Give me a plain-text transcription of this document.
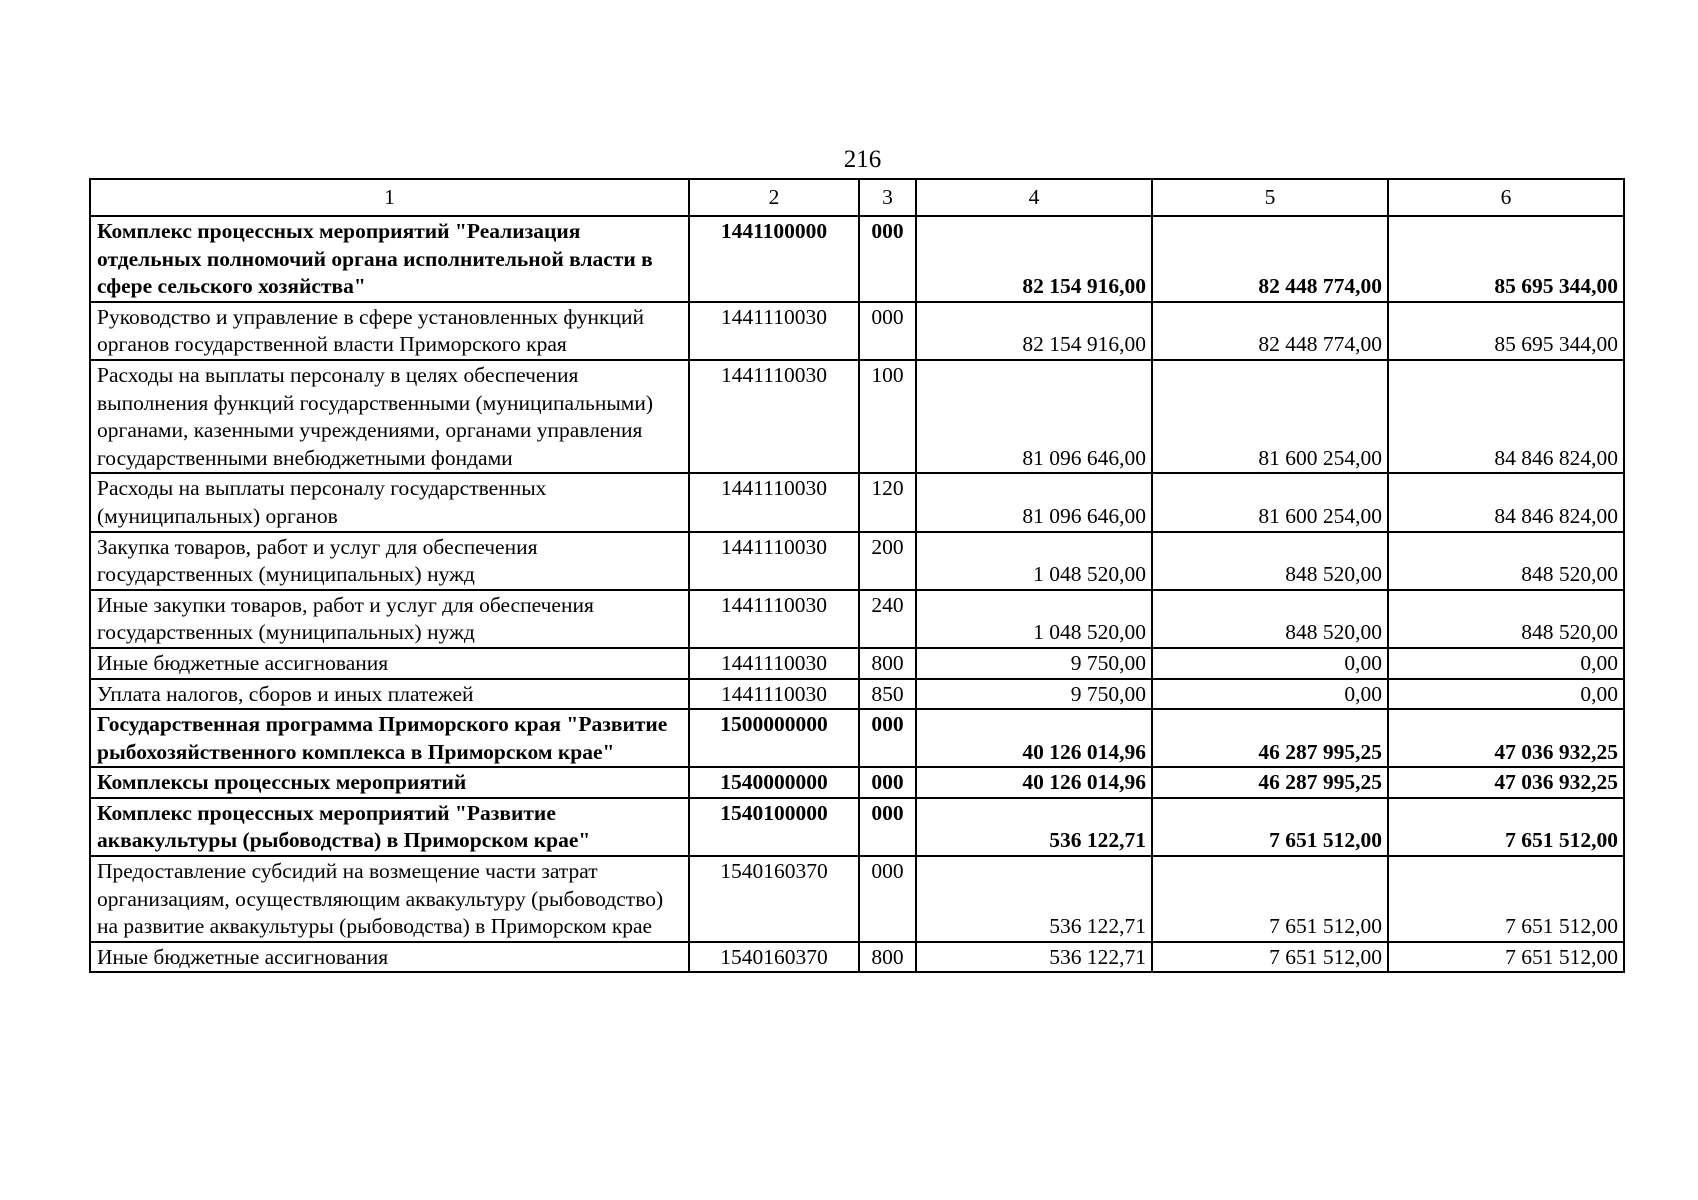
216
1	2	3	4	5	6
Комплекс процессных мероприятий "Реализация отдельных полномочий органа исполнительной власти в сфере сельского хозяйства"	1441100000	000	82 154 916,00	82 448 774,00	85 695 344,00
Руководство и управление в сфере установленных функций органов государственной власти Приморского края	1441110030	000	82 154 916,00	82 448 774,00	85 695 344,00
Расходы на выплаты персоналу в целях обеспечения выполнения функций государственными (муниципальными) органами, казенными учреждениями, органами управления государственными внебюджетными фондами	1441110030	100	81 096 646,00	81 600 254,00	84 846 824,00
Расходы на выплаты персоналу государственных (муниципальных) органов	1441110030	120	81 096 646,00	81 600 254,00	84 846 824,00
Закупка товаров, работ и услуг для обеспечения государственных (муниципальных) нужд	1441110030	200	1 048 520,00	848 520,00	848 520,00
Иные закупки товаров, работ и услуг для обеспечения государственных (муниципальных) нужд	1441110030	240	1 048 520,00	848 520,00	848 520,00
Иные бюджетные ассигнования	1441110030	800	9 750,00	0,00	0,00
Уплата налогов, сборов и иных платежей	1441110030	850	9 750,00	0,00	0,00
Государственная программа Приморского края "Развитие рыбохозяйственного комплекса в Приморском крае"	1500000000	000	40 126 014,96	46 287 995,25	47 036 932,25
Комплексы процессных мероприятий	1540000000	000	40 126 014,96	46 287 995,25	47 036 932,25
Комплекс процессных мероприятий "Развитие аквакультуры (рыбоводства) в Приморском крае"	1540100000	000	536 122,71	7 651 512,00	7 651 512,00
Предоставление субсидий на возмещение части затрат организациям, осуществляющим аквакультуру (рыбоводство) на развитие аквакультуры (рыбоводства) в Приморском крае	1540160370	000	536 122,71	7 651 512,00	7 651 512,00
Иные бюджетные ассигнования	1540160370	800	536 122,71	7 651 512,00	7 651 512,00
